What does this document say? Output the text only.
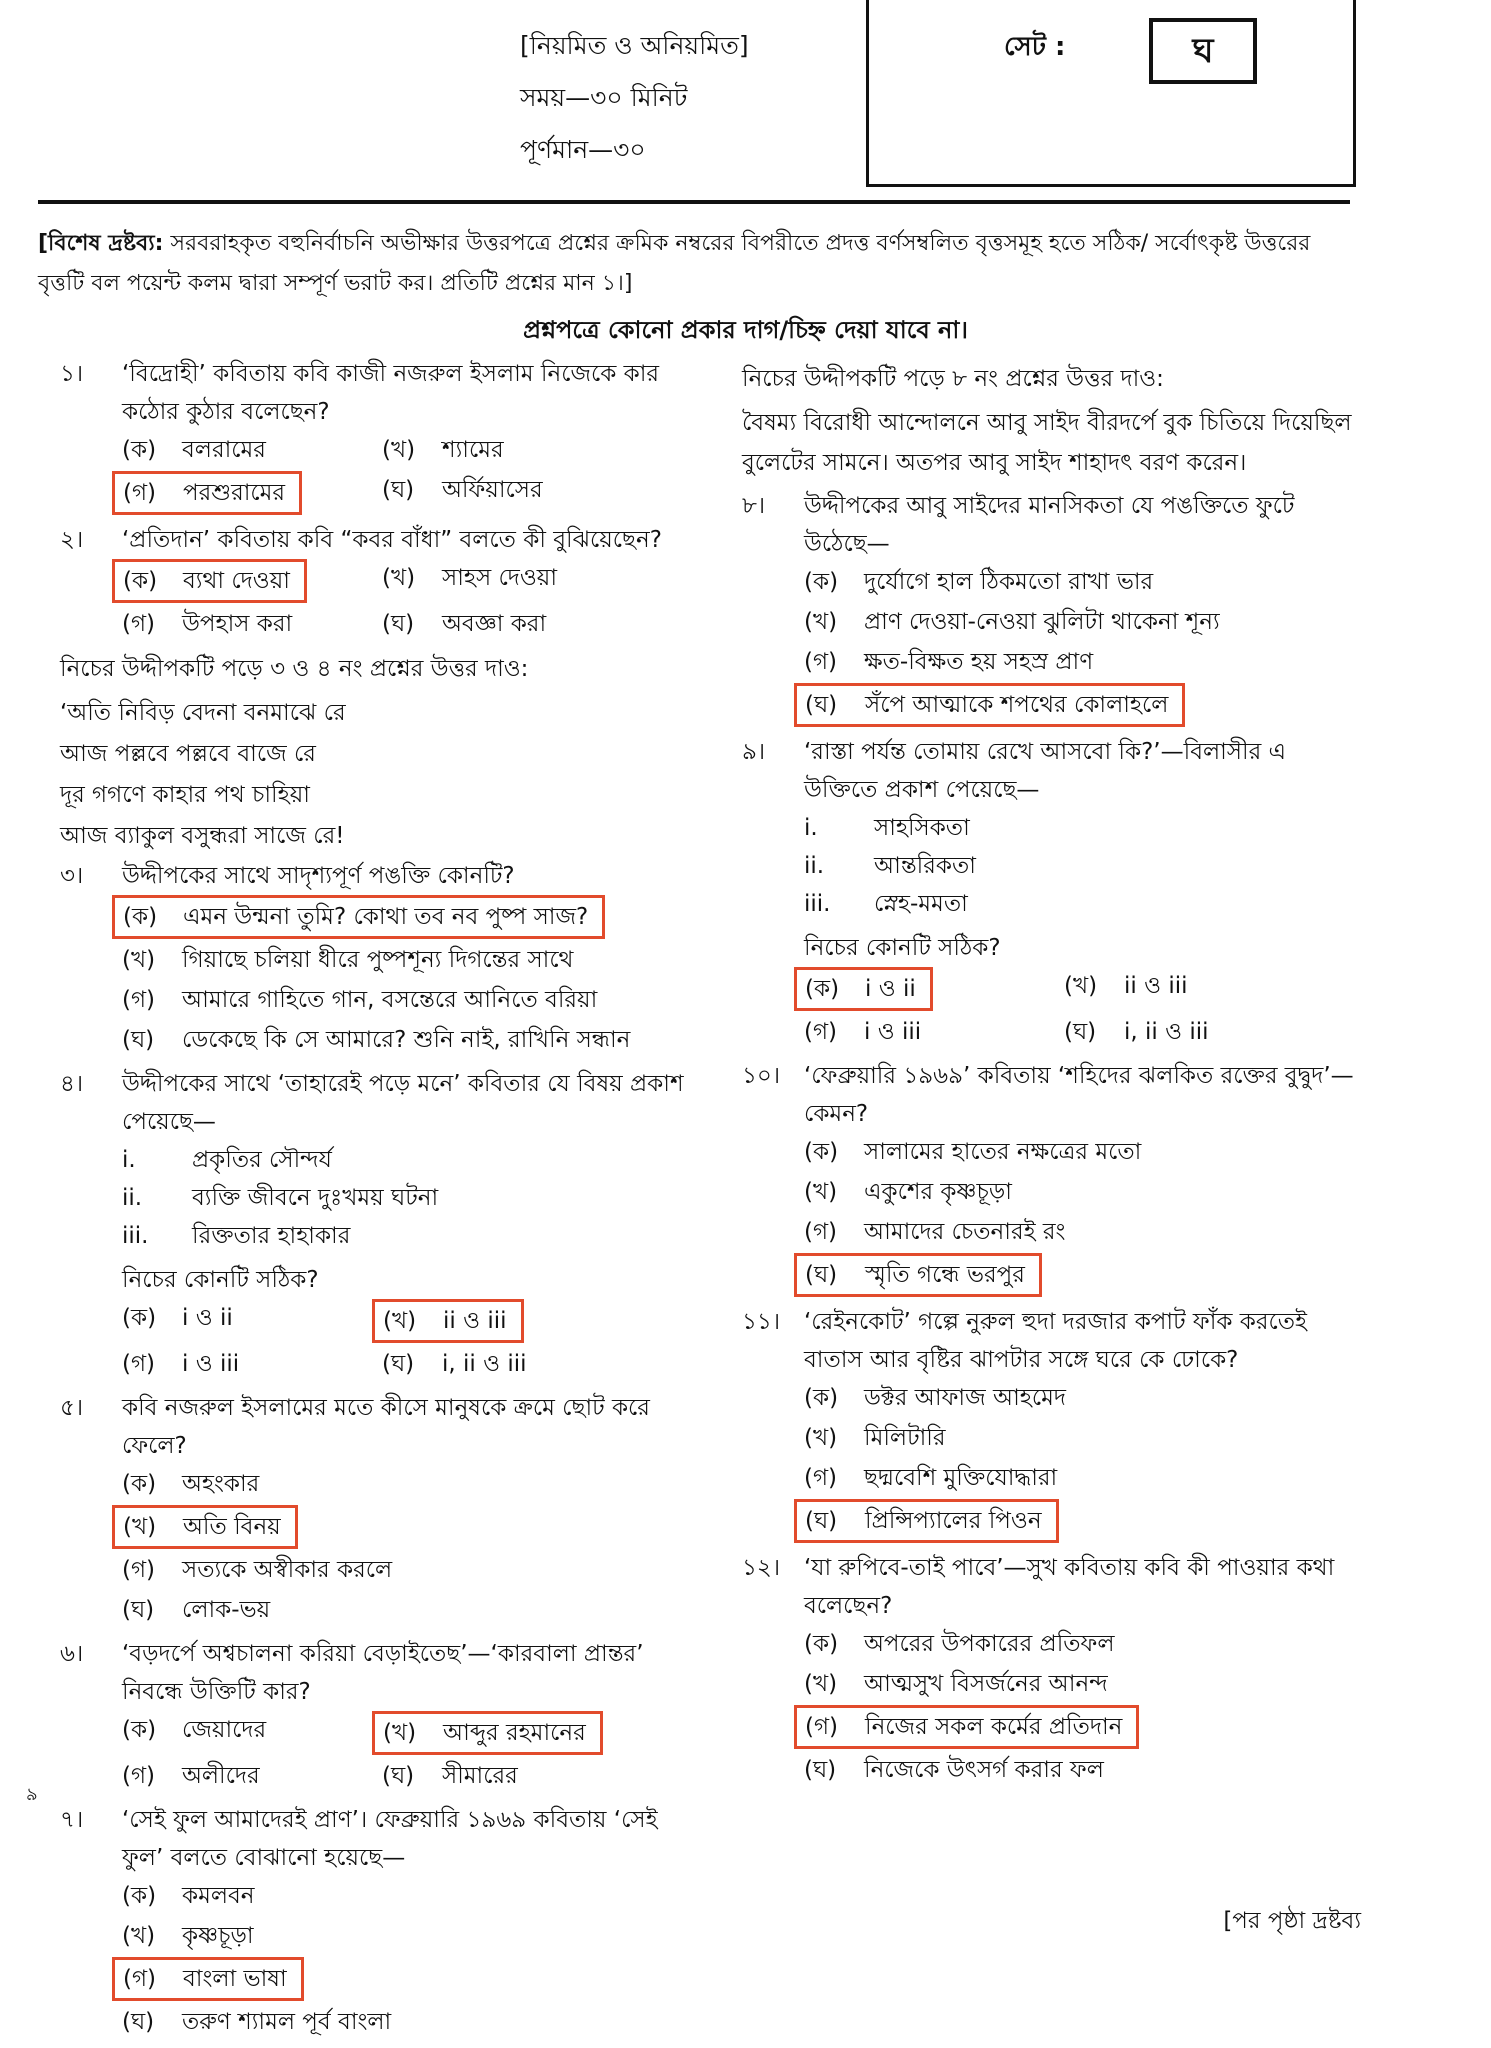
[নিয়মিত ও অনিয়মিত]
সময়—৩০ মিনিট
পূর্ণমান—৩০
সেট :	ঘ
[বিশেষ দ্রষ্টব্য: সরবরাহকৃত বহুনির্বাচনি অভীক্ষার উত্তরপত্রে প্রশ্নের ক্রমিক নম্বরের বিপরীতে প্রদত্ত বর্ণসম্বলিত বৃত্তসমূহ হতে সঠিক/ সর্বোৎকৃষ্ট উত্তরের বৃত্তটি বল পয়েন্ট কলম দ্বারা সম্পূর্ণ ভরাট কর। প্রতিটি প্রশ্নের মান ১।]
প্রশ্নপত্রে কোনো প্রকার দাগ/চিহ্ন দেয়া যাবে না।
১। ‘বিদ্রোহী’ কবিতায় কবি কাজী নজরুল ইসলাম নিজেকে কার কঠোর কুঠার বলেছেন?
(ক) বলরামের	(খ) শ্যামের
(গ) পরশুরামের	(ঘ) অর্ফিয়াসের
২। ‘প্রতিদান’ কবিতায় কবি “কবর বাঁধা” বলতে কী বুঝিয়েছেন?
(ক) ব্যথা দেওয়া	(খ) সাহস দেওয়া
(গ) উপহাস করা	(ঘ) অবজ্ঞা করা
নিচের উদ্দীপকটি পড়ে ৩ ও ৪ নং প্রশ্নের উত্তর দাও:
‘অতি নিবিড় বেদনা বনমাঝে রে
আজ পল্লবে পল্লবে বাজে রে
দূর গগণে কাহার পথ চাহিয়া
আজ ব্যাকুল বসুন্ধরা সাজে রে!
৩। উদ্দীপকের সাথে সাদৃশ্যপূর্ণ পঙক্তি কোনটি?
(ক) এমন উন্মনা তুমি? কোথা তব নব পুষ্প সাজ?
(খ) গিয়াছে চলিয়া ধীরে পুষ্পশূন্য দিগন্তের সাথে
(গ) আমারে গাহিতে গান, বসন্তেরে আনিতে বরিয়া
(ঘ) ডেকেছে কি সে আমারে? শুনি নাই, রাখিনি সন্ধান
৪। উদ্দীপকের সাথে ‘তাহারেই পড়ে মনে’ কবিতার যে বিষয় প্রকাশ পেয়েছে—
i.	প্রকৃতির সৌন্দর্য
ii.	ব্যক্তি জীবনে দুঃখময় ঘটনা
iii.	রিক্ততার হাহাকার
নিচের কোনটি সঠিক?
(ক) i ও ii	(খ) ii ও iii
(গ) i ও iii	(ঘ) i, ii ও iii
৫। কবি নজরুল ইসলামের মতে কীসে মানুষকে ক্রমে ছোট করে ফেলে?
(ক) অহংকার
(খ) অতি বিনয়
(গ) সত্যকে অস্বীকার করলে
(ঘ) লোক-ভয়
৬। ‘বড়দর্পে অশ্বচালনা করিয়া বেড়াইতেছ’—‘কারবালা প্রান্তর’ নিবন্ধে উক্তিটি কার?
(ক) জেয়াদের	(খ) আব্দুর রহমানের
(গ) অলীদের	(ঘ) সীমারের
৭। ‘সেই ফুল আমাদেরই প্রাণ’। ফেব্রুয়ারি ১৯৬৯ কবিতায় ‘সেই ফুল’ বলতে বোঝানো হয়েছে—
(ক) কমলবন
(খ) কৃষ্ণচূড়া
(গ) বাংলা ভাষা
(ঘ) তরুণ শ্যামল পূর্ব বাংলা
নিচের উদ্দীপকটি পড়ে ৮ নং প্রশ্নের উত্তর দাও:
বৈষম্য বিরোধী আন্দোলনে আবু সাইদ বীরদর্পে বুক চিতিয়ে দিয়েছিল বুলেটের সামনে। অতপর আবু সাইদ শাহাদৎ বরণ করেন।
৮। উদ্দীপকের আবু সাইদের মানসিকতা যে পঙক্তিতে ফুটে উঠেছে—
(ক) দুর্যোগে হাল ঠিকমতো রাখা ভার
(খ) প্রাণ দেওয়া-নেওয়া ঝুলিটা থাকেনা শূন্য
(গ) ক্ষত-বিক্ষত হয় সহস্র প্রাণ
(ঘ) সঁপে আত্মাকে শপথের কোলাহলে
৯। ‘রাস্তা পর্যন্ত তোমায় রেখে আসবো কি?’—বিলাসীর এ উক্তিতে প্রকাশ পেয়েছে—
i.	সাহসিকতা
ii.	আন্তরিকতা
iii.	স্নেহ-মমতা
নিচের কোনটি সঠিক?
(ক) i ও ii	(খ) ii ও iii
(গ) i ও iii	(ঘ) i, ii ও iii
১০। ‘ফেব্রুয়ারি ১৯৬৯’ কবিতায় ‘শহিদের ঝলকিত রক্তের বুদ্বুদ’—কেমন?
(ক) সালামের হাতের নক্ষত্রের মতো
(খ) একুশের কৃষ্ণচূড়া
(গ) আমাদের চেতনারই রং
(ঘ) স্মৃতি গন্ধে ভরপুর
১১। ‘রেইনকোট’ গল্পে নুরুল হুদা দরজার কপাট ফাঁক করতেই বাতাস আর বৃষ্টির ঝাপটার সঙ্গে ঘরে কে ঢোকে?
(ক) ডক্টর আফাজ আহমেদ
(খ) মিলিটারি
(গ) ছদ্মবেশি মুক্তিযোদ্ধারা
(ঘ) প্রিন্সিপ্যালের পিওন
১২। ‘যা রুপিবে-তাই পাবে’—সুখ কবিতায় কবি কী পাওয়ার কথা বলেছেন?
(ক) অপরের উপকারের প্রতিফল
(খ) আত্মসুখ বিসর্জনের আনন্দ
(গ) নিজের সকল কর্মের প্রতিদান
(ঘ) নিজেকে উৎসর্গ করার ফল
৯
[পর পৃষ্ঠা দ্রষ্টব্য
